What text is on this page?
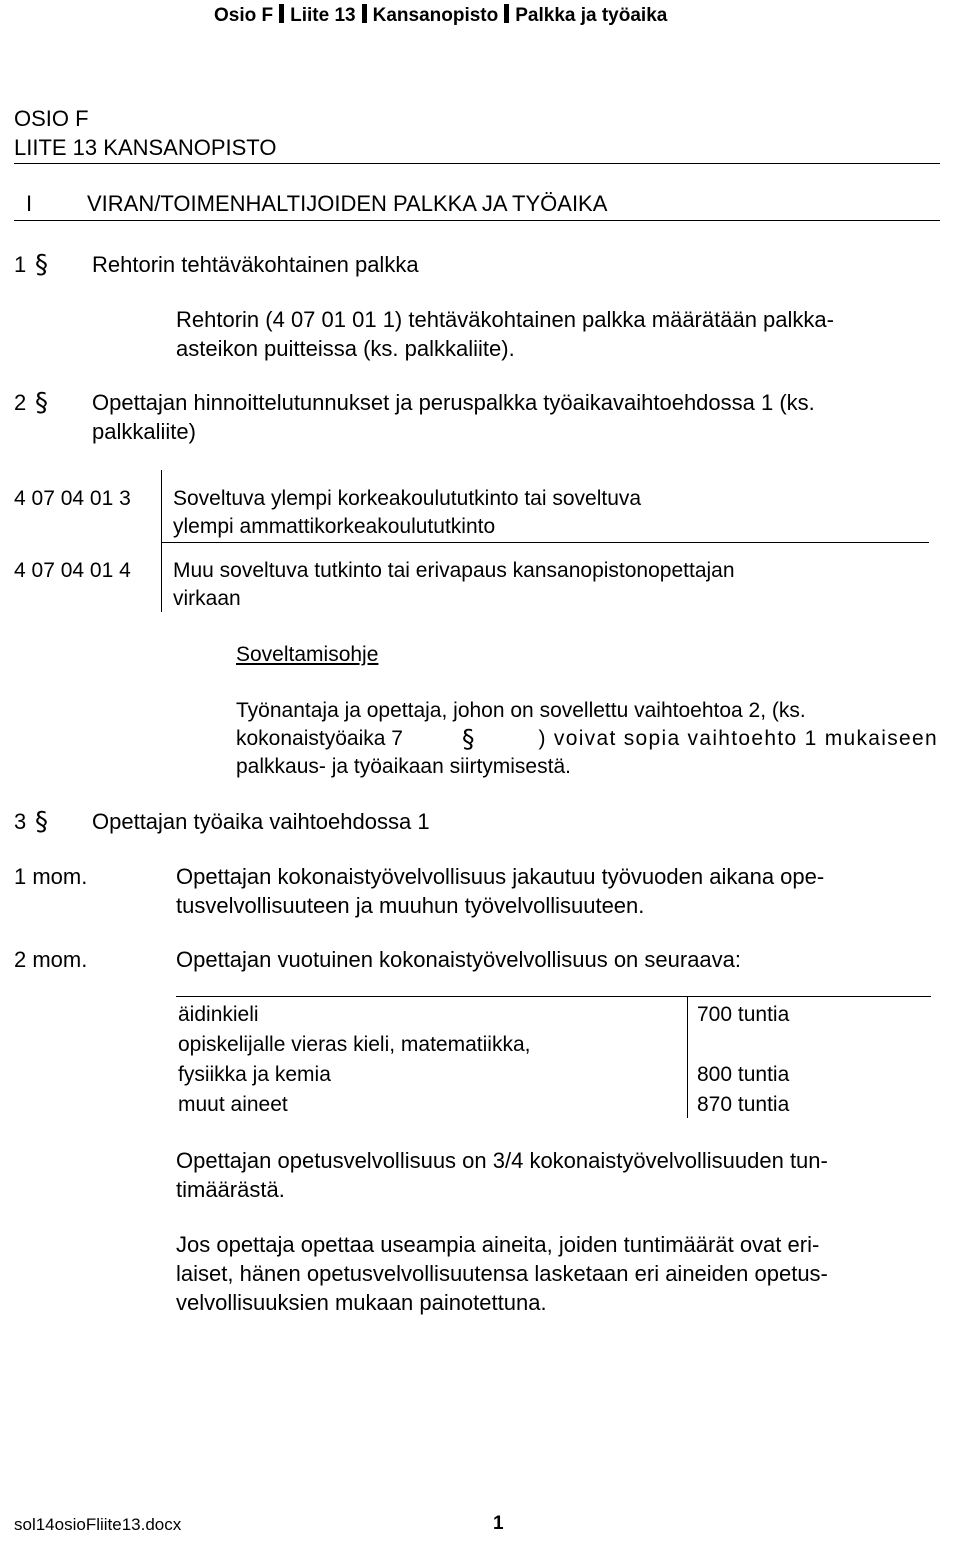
Osio F Liite 13 Kansanopisto Palkka ja työaika
OSIO F
LIITE 13 KANSANOPISTO
I VIRAN/TOIMENHALTIJOIDEN PALKKA JA TYÖAIKA
1 § Rehtorin tehtäväkohtainen palkka
Rehtorin (4 07 01 01 1) tehtäväkohtainen palkka määrätään palkka-
asteikon puitteissa (ks. palkkaliite).
2 § Opettajan hinnoittelutunnukset ja peruspalkka työaikavaihtoehdossa 1 (ks.
palkkaliite)
4 07 04 01 3 Soveltuva ylempi korkeakoulututkinto tai soveltuva
ylempi ammattikorkeakoulututkinto
4 07 04 01 4 Muu soveltuva tutkinto tai erivapaus kansanopistonopettajan
virkaan
Soveltamisohje
Työnantaja ja opettaja, johon on sovellettu vaihtoehtoa 2, (ks.
kokonaistyöaika 7 §	) voivat sopia vaihtoehto 1 mukaiseen
palkkaus- ja työaikaan siirtymisestä.
3 § Opettajan työaika vaihtoehdossa 1
1 mom.	Opettajan kokonaistyövelvollisuus jakautuu työvuoden aikana ope-
tusvelvollisuuteen ja muuhun työvelvollisuuteen.
2 mom.	Opettajan vuotuinen kokonaistyövelvollisuus on seuraava:
äidinkieli	700 tuntia
opiskelijalle vieras kieli, matematiikka,
fysiikka ja kemia	800 tuntia
muut aineet	870 tuntia
Opettajan opetusvelvollisuus on 3/4 kokonaistyövelvollisuuden tun-
timäärästä.
Jos opettaja opettaa useampia aineita, joiden tuntimäärät ovat eri-
laiset, hänen opetusvelvollisuutensa lasketaan eri aineiden opetus-
velvollisuuksien mukaan painotettuna.
sol14osioFliite13.docx	1
